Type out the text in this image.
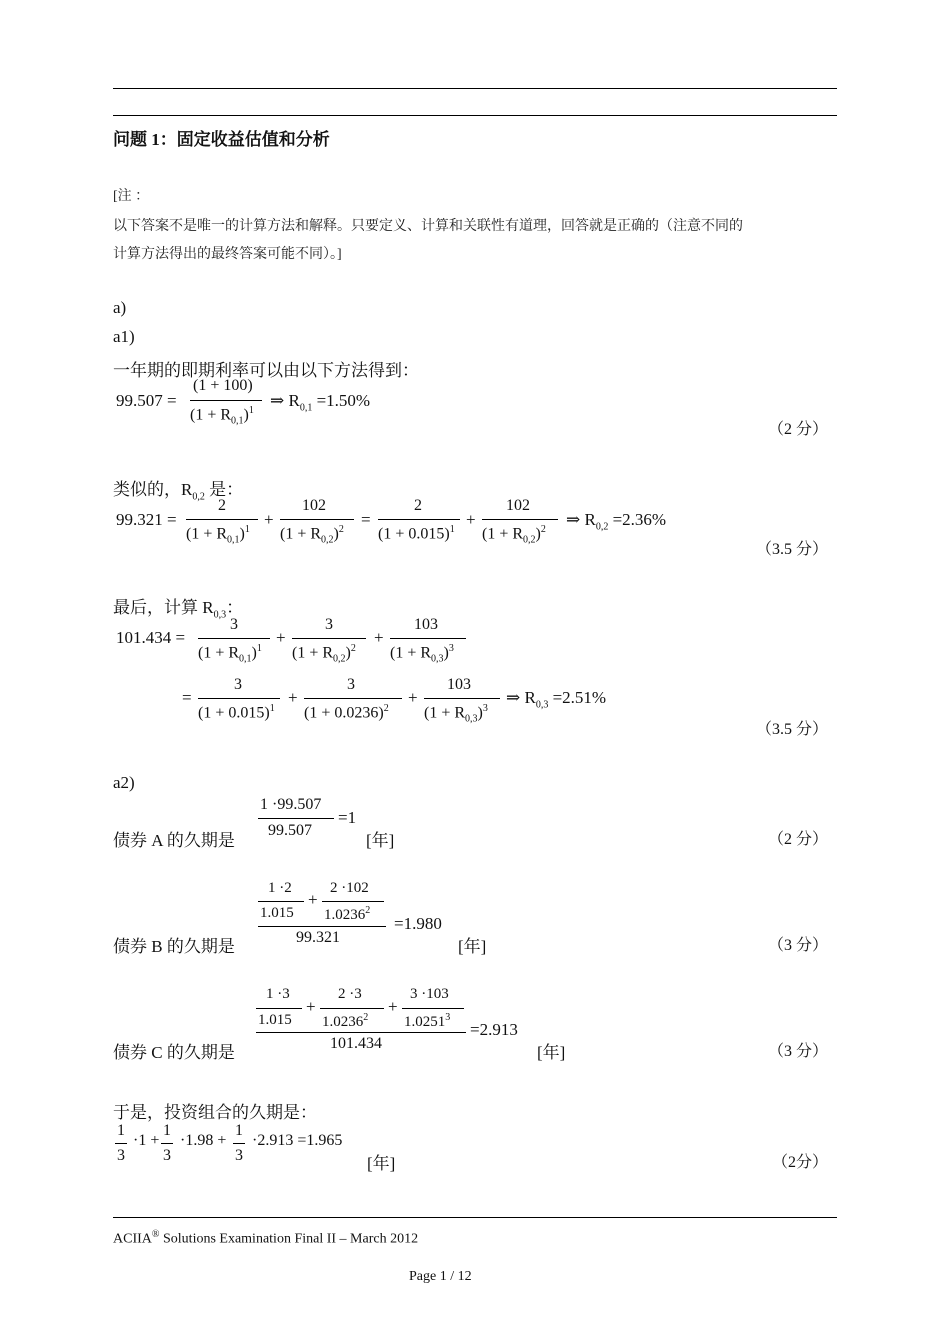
问题 1：固定收益估值和分析
[注 ：
以下答案不是唯一的计算方法和解释。只要定义、计算和关联性有道理，回答就是正确的（注意不同的
计算方法得出的最终答案可能不同）。]
a)
a1)
一年期的即期利率可以由以下方法得到：
99.507 =
(1 + 100)
$(1 + R_{0,1})^1$
⇒ $R_{0,1} =1.50\%$
（2 分）
类似的，$R_{0,2}$ 是：
99.321 =
2
$(1 + R_{0,1})^1$
+
102
$(1 + R_{0,2})^2$
=
2
$(1 + 0.015)^1$
+
102
$(1 + R_{0,2})^2$
⇒ $R_{0,2} =2.36\%$
（3.5 分）
最后，计算 $R_{0,3}$：
101.434 =
3
$(1 + R_{0,1})^1$
+
3
$(1 + R_{0,2})^2$
+
103
$(1 + R_{0,3})^3$
=
3
$(1 + 0.015)^1$
+
3
$(1 + 0.0236)^2$
+
103
$(1 + R_{0,3})^3$
⇒ $R_{0,3} =2.51\%$
（3.5 分）
a2)
1 ·99.507
99.507
=1
债券 A 的久期是	[年]	（2 分）
1 ·2
1.015
+
2 ·102
1.0236$^2$
99.321
=1.980
债券 B 的久期是	[年]	（3 分）
1 ·3
1.015
+
2 ·3
$1.0236^2$
+
3 ·103
1.0251$^3$
101.434
=2.913
债券 C 的久期是	[年]	（3 分）
于是，投资组合的久期是：
1
3
·1 +
1
3
·1.98 +
1
3
·2.913 =1.965
[年]	（2分）
ACIIA® Solutions Examination Final II – March 2012
Page 1 / 12
